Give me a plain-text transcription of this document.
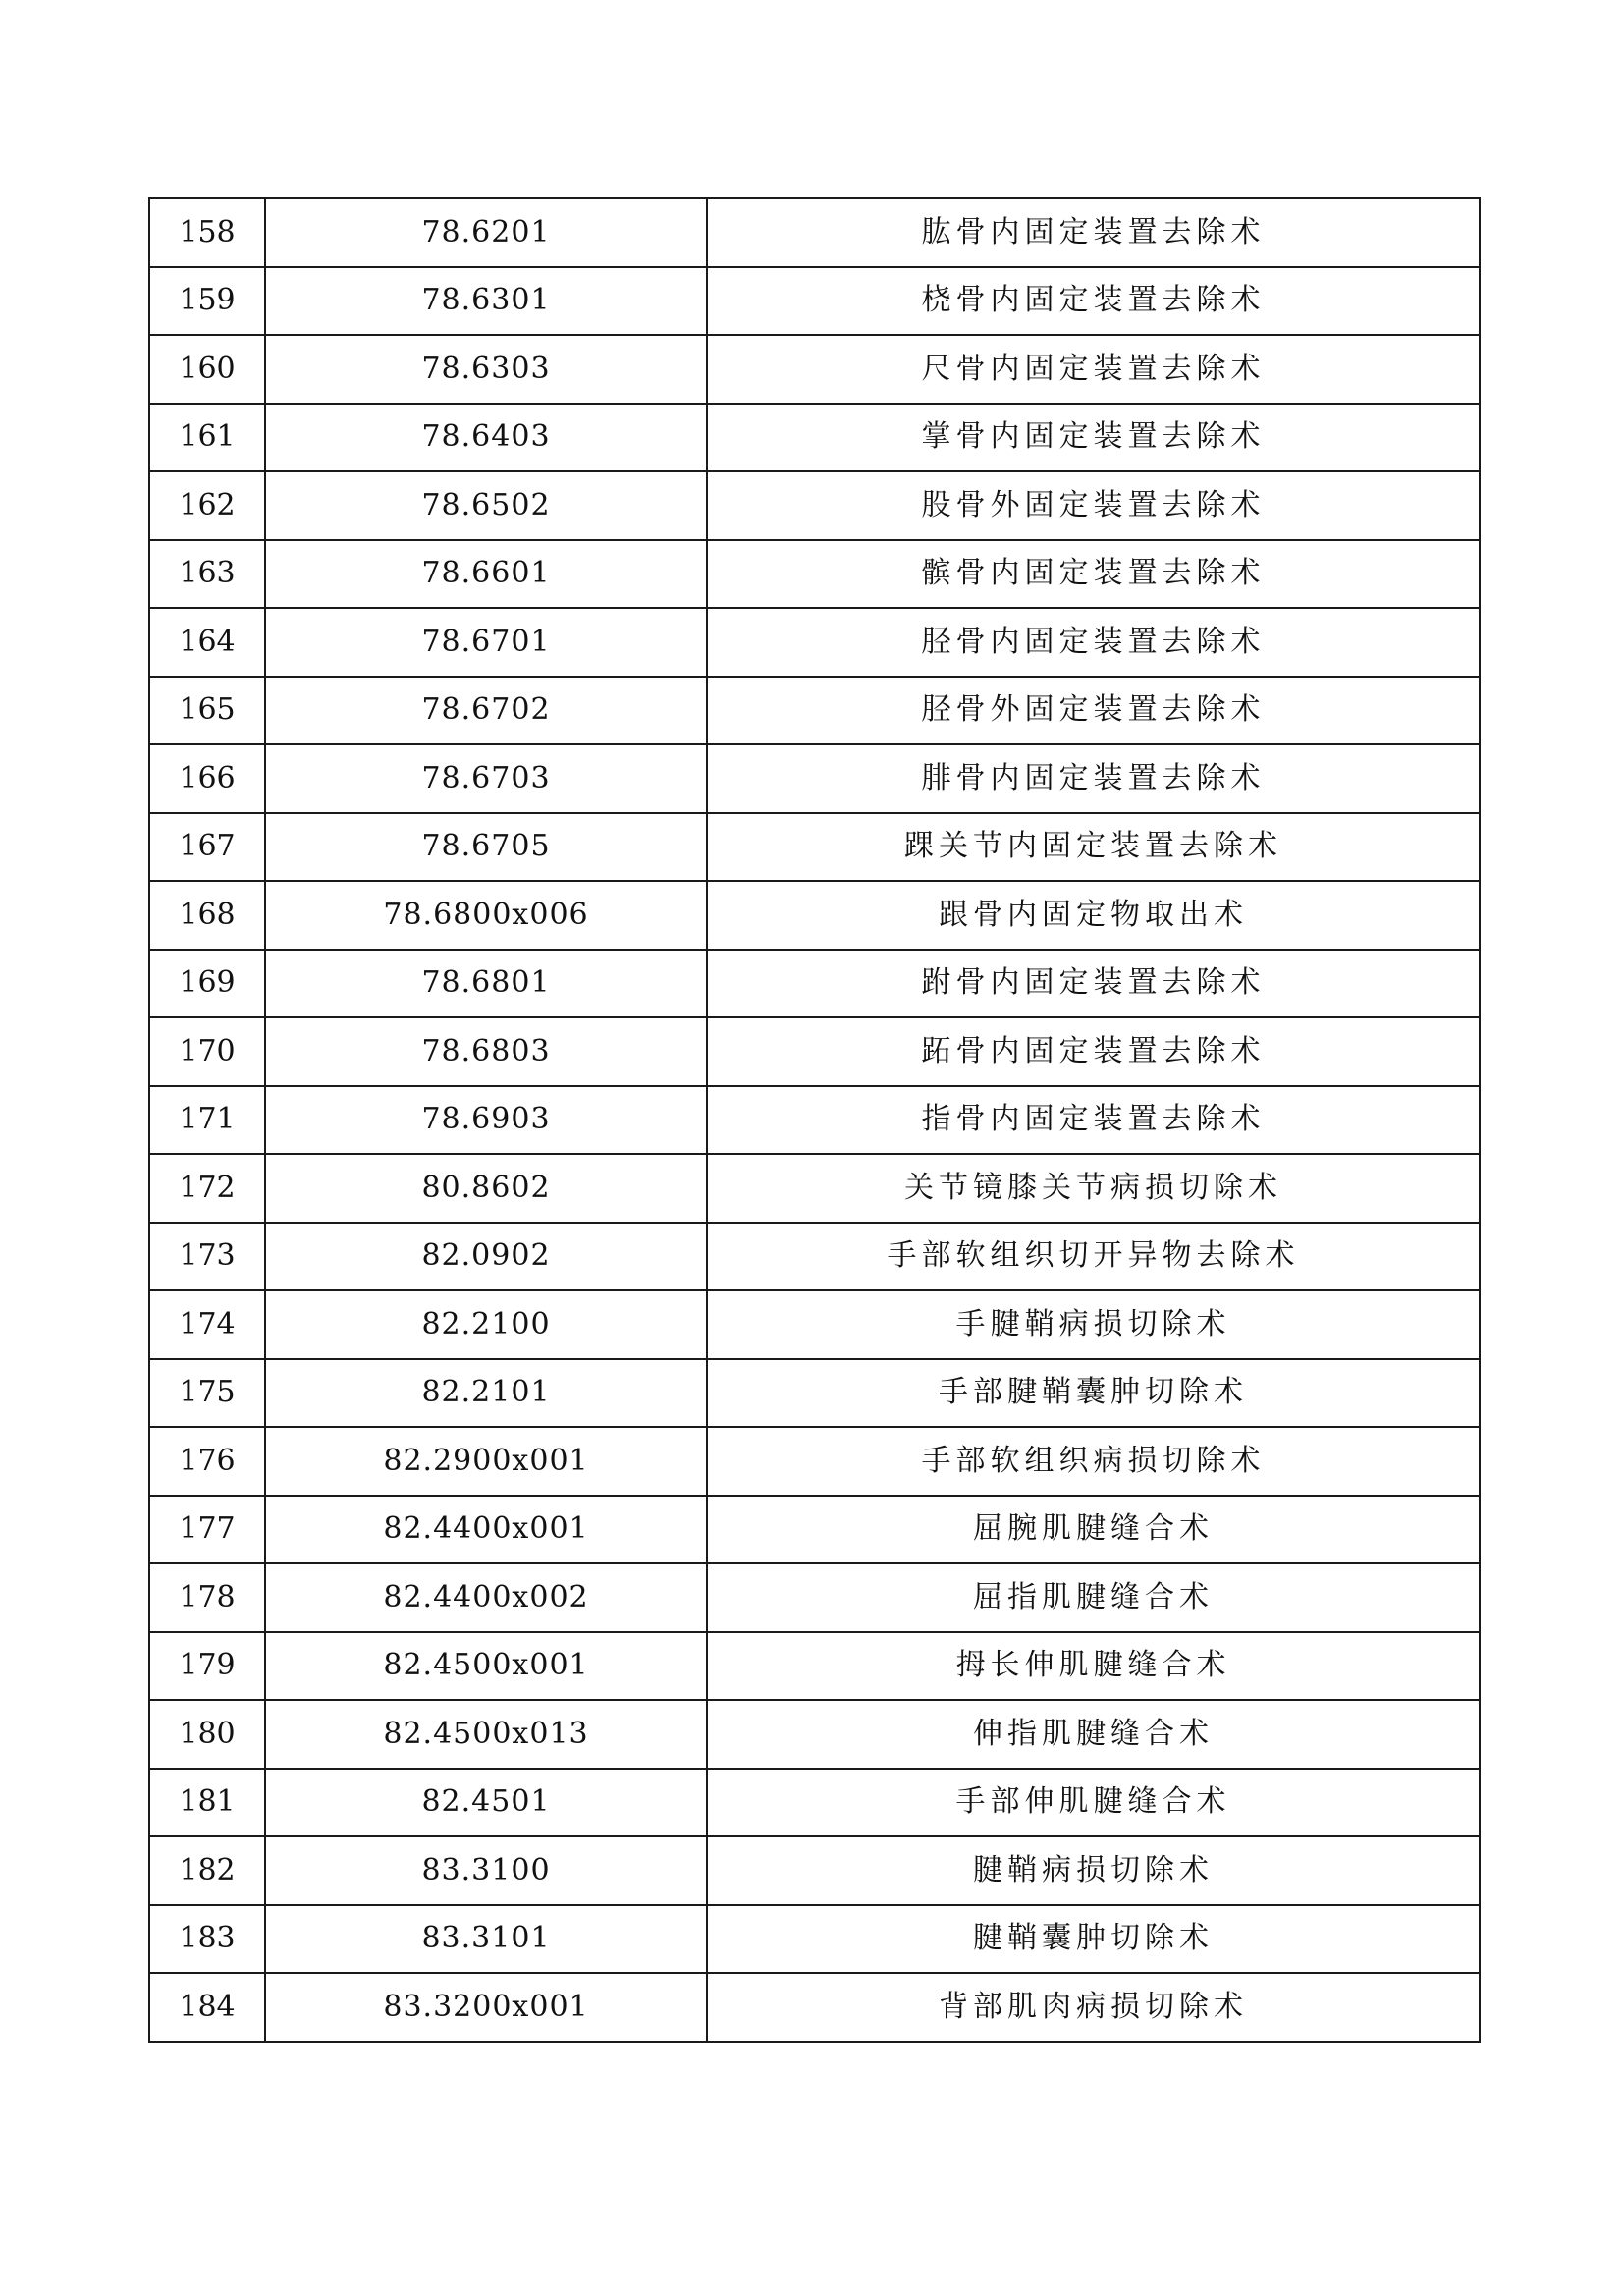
158	78.6201	肱骨内固定装置去除术
159	78.6301	桡骨内固定装置去除术
160	78.6303	尺骨内固定装置去除术
161	78.6403	掌骨内固定装置去除术
162	78.6502	股骨外固定装置去除术
163	78.6601	髌骨内固定装置去除术
164	78.6701	胫骨内固定装置去除术
165	78.6702	胫骨外固定装置去除术
166	78.6703	腓骨内固定装置去除术
167	78.6705	踝关节内固定装置去除术
168	78.6800x006	跟骨内固定物取出术
169	78.6801	跗骨内固定装置去除术
170	78.6803	跖骨内固定装置去除术
171	78.6903	指骨内固定装置去除术
172	80.8602	关节镜膝关节病损切除术
173	82.0902	手部软组织切开异物去除术
174	82.2100	手腱鞘病损切除术
175	82.2101	手部腱鞘囊肿切除术
176	82.2900x001	手部软组织病损切除术
177	82.4400x001	屈腕肌腱缝合术
178	82.4400x002	屈指肌腱缝合术
179	82.4500x001	拇长伸肌腱缝合术
180	82.4500x013	伸指肌腱缝合术
181	82.4501	手部伸肌腱缝合术
182	83.3100	腱鞘病损切除术
183	83.3101	腱鞘囊肿切除术
184	83.3200x001	背部肌肉病损切除术
